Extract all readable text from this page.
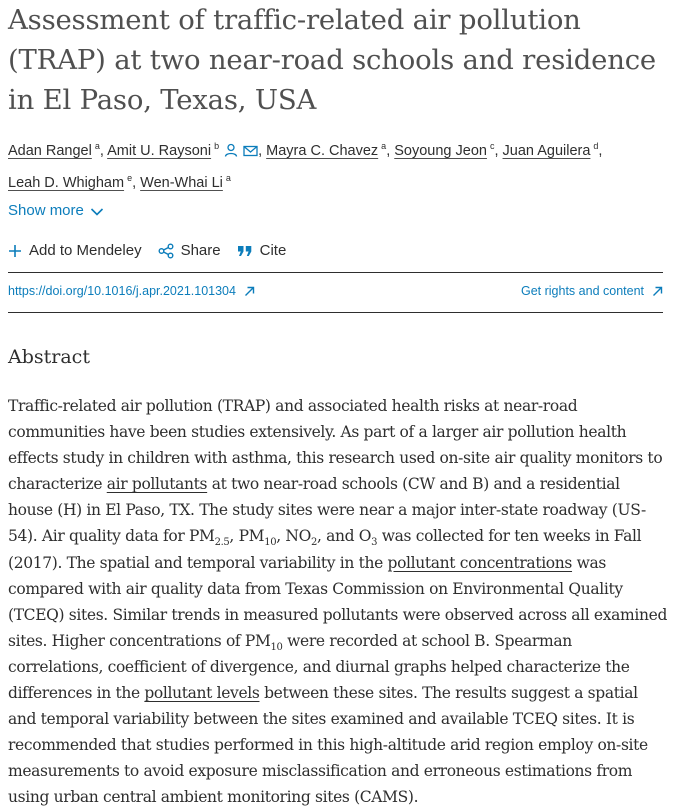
Assessment of traffic-related air pollution (TRAP) at two near-road schools and residence in El Paso, Texas, USA
Adan Rangel $^a$, Amit U. Raysoni $^b$	, Mayra C. Chavez $^a$, Soyoung Jeon $^c$, Juan Aguilera $^d$,
Leah D. Whigham $^e$, Wen-Whai Li $^a$
Show more
Add to Mendeley	Share	Cite
https://doi.org/10.1016/j.apr.2021.101304	Get rights and content
Abstract

Traffic-related air pollution (TRAP) and associated health risks at near-road communities have been studies extensively. As part of a larger air pollution health effects study in children with asthma, this research used on-site air quality monitors to characterize air pollutants at two near-road schools (CW and B) and a residential house (H) in El Paso, TX. The study sites were near a major inter-state roadway (US-54). Air quality data for $PM_{2.5}$, $PM_{10}$, $NO_2$, and $O_3$ was collected for ten weeks in Fall (2017). The spatial and temporal variability in the pollutant concentrations was compared with air quality data from Texas Commission on Environmental Quality (TCEQ) sites. Similar trends in measured pollutants were observed across all examined sites. Higher concentrations of $PM_{10}$ were recorded at school B. Spearman correlations, coefficient of divergence, and diurnal graphs helped characterize the differences in the pollutant levels between these sites. The results suggest a spatial and temporal variability between the sites examined and available TCEQ sites. It is recommended that studies performed in this high-altitude arid region employ on-site measurements to avoid exposure misclassification and erroneous estimations from using urban central ambient monitoring sites (CAMS).
